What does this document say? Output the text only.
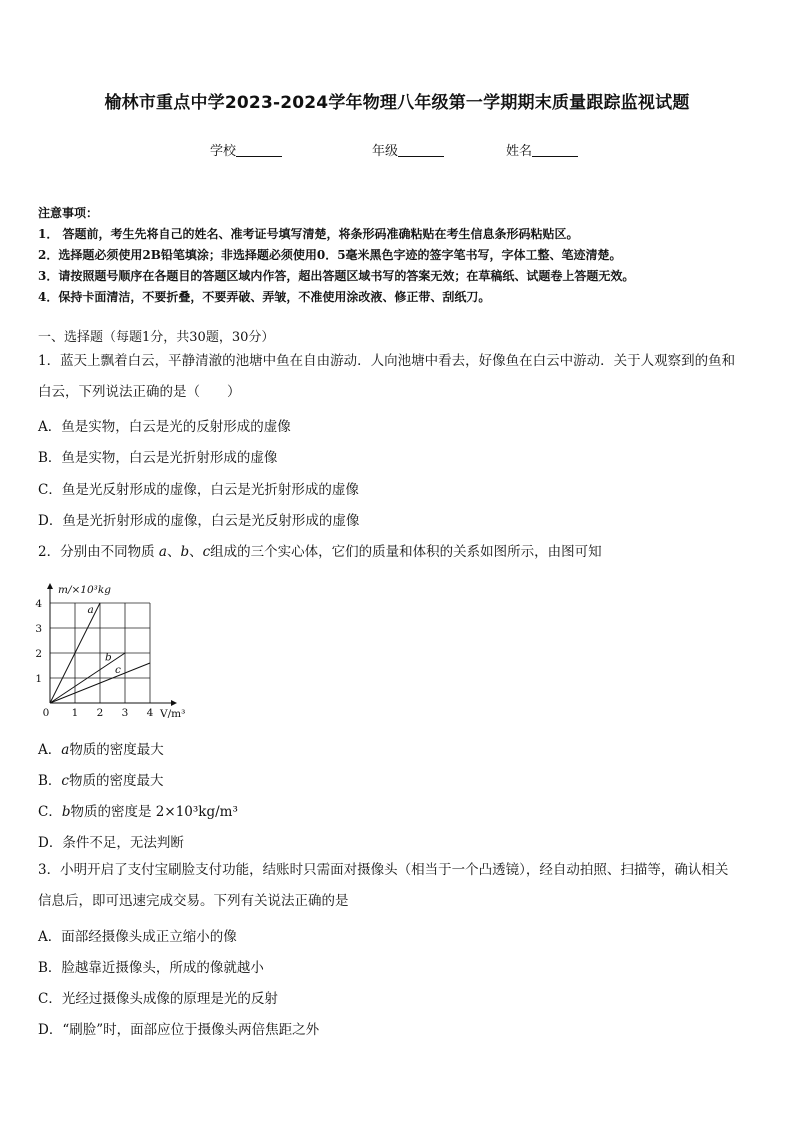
榆林市重点中学2023-2024学年物理八年级第一学期期末质量跟踪监视试题
学校	年级	姓名
注意事项：
1． 答题前，考生先将自己的姓名、准考证号填写清楚，将条形码准确粘贴在考生信息条形码粘贴区。
2．选择题必须使用2B铅笔填涂；非选择题必须使用0．5毫米黑色字迹的签字笔书写，字体工整、笔迹清楚。
3．请按照题号顺序在各题目的答题区域内作答，超出答题区域书写的答案无效；在草稿纸、试题卷上答题无效。
4．保持卡面清洁，不要折叠，不要弄破、弄皱，不准使用涂改液、修正带、刮纸刀。
一、选择题（每题1分，共30题，30分）
1．蓝天上飘着白云，平静清澈的池塘中鱼在自由游动．人向池塘中看去，好像鱼在白云中游动．关于人观察到的鱼和
白云，下列说法正确的是（　　）
A．鱼是实物，白云是光的反射形成的虚像
B．鱼是实物，白云是光折射形成的虚像
C．鱼是光反射形成的虚像，白云是光折射形成的虚像
D．鱼是光折射形成的虚像，白云是光反射形成的虚像
2．分别由不同物质 a、b、c组成的三个实心体，它们的质量和体积的关系如图所示，由图可知
0 1 2 3 4
1
2
3
4
m/×10³kg
V/m³
a
b
c
A．a物质的密度最大
B．c物质的密度最大
C．b物质的密度是 2×10³kg/m³
D．条件不足，无法判断
3．小明开启了支付宝刷脸支付功能，结账时只需面对摄像头（相当于一个凸透镜），经自动拍照、扫描等，确认相关
信息后，即可迅速完成交易。下列有关说法正确的是
A．面部经摄像头成正立缩小的像
B．脸越靠近摄像头，所成的像就越小
C．光经过摄像头成像的原理是光的反射
D．“刷脸”时，面部应位于摄像头两倍焦距之外
